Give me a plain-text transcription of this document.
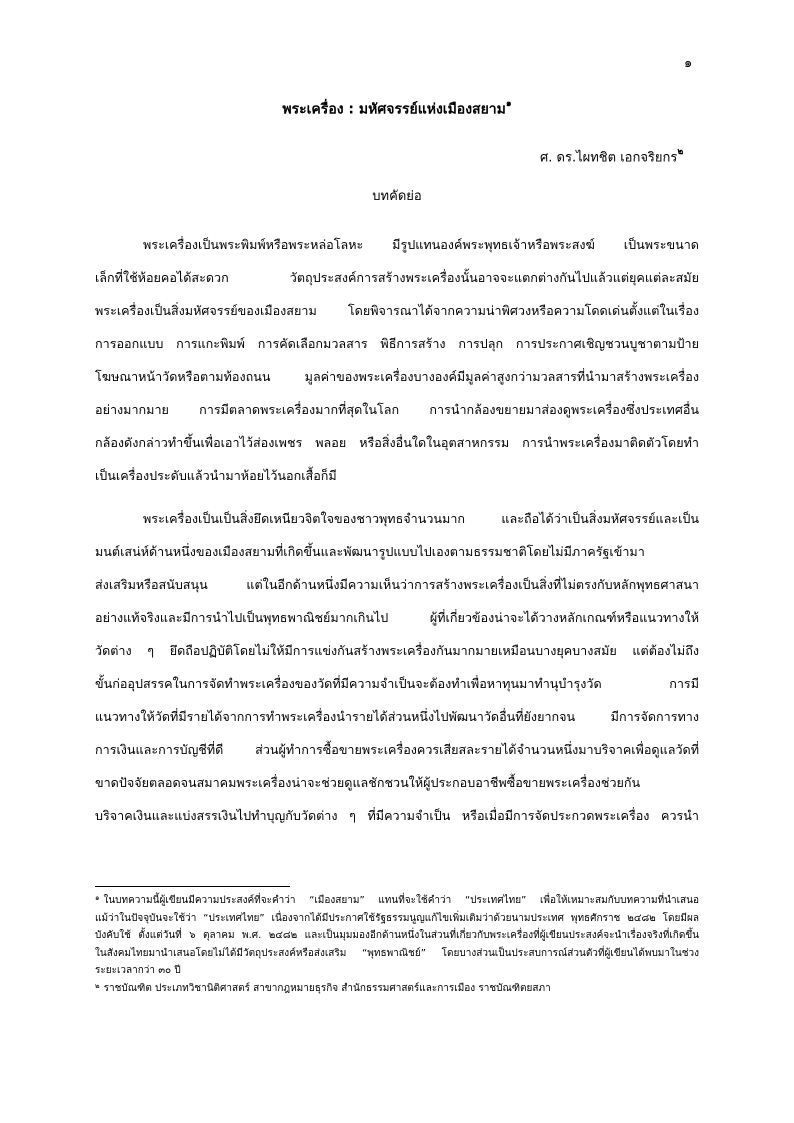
๑
พระเครื่อง : มหัศจรรย์แห่งเมืองสยาม$^๑$
ศ. ดร.ไผทชิต เอกจริยกร$^๒$
บทคัดย่อ
พระเครื่องเป็นพระพิมพ์หรือพระหล่อโลหะ มีรูปแทนองค์พระพุทธเจ้าหรือพระสงฆ์ เป็นพระขนาด
เล็กที่ใช้ห้อยคอได้สะดวก วัตถุประสงค์การสร้างพระเครื่องนั้นอาจจะแตกต่างกันไปแล้วแต่ยุคแต่ละสมัย
พระเครื่องเป็นสิ่งมหัศจรรย์ของเมืองสยาม โดยพิจารณาได้จากความน่าพิศวงหรือความโดดเด่นตั้งแต่ในเรื่อง
การออกแบบ การแกะพิมพ์ การคัดเลือกมวลสาร พิธีการสร้าง การปลุก การประกาศเชิญชวนบูชาตามป้าย
โฆษณาหน้าวัดหรือตามท้องถนน มูลค่าของพระเครื่องบางองค์มีมูลค่าสูงกว่ามวลสารที่นำมาสร้างพระเครื่อง
อย่างมากมาย การมีตลาดพระเครื่องมากที่สุดในโลก การนำกล้องขยายมาส่องดูพระเครื่องซึ่งประเทศอื่น
กล้องดังกล่าวทำขึ้นเพื่อเอาไว้ส่องเพชร พลอย หรือสิ่งอื่นใดในอุตสาหกรรม การนำพระเครื่องมาติดตัวโดยทำ
เป็นเครื่องประดับแล้วนำมาห้อยไว้นอกเสื้อก็มี
พระเครื่องเป็นเป็นสิ่งยึดเหนียวจิตใจของชาวพุทธจำนวนมาก และถือได้ว่าเป็นสิ่งมหัศจรรย์และเป็น
มนต์เสน่ห์ด้านหนึ่งของเมืองสยามที่เกิดขึ้นและพัฒนารูปแบบไปเองตามธรรมชาติโดยไม่มีภาครัฐเข้ามา
ส่งเสริมหรือสนับสนุน แต่ในอีกด้านหนึ่งมีความเห็นว่าการสร้างพระเครื่องเป็นสิ่งที่ไม่ตรงกับหลักพุทธศาสนา
อย่างแท้จริงและมีการนำไปเป็นพุทธพาณิชย์มากเกินไป ผู้ที่เกี่ยวข้องน่าจะได้วางหลักเกณฑ์หรือแนวทางให้
วัดต่าง ๆ ยึดถือปฏิบัติโดยไม่ให้มีการแข่งกันสร้างพระเครื่องกันมากมายเหมือนบางยุคบางสมัย แต่ต้องไม่ถึง
ขั้นก่ออุปสรรคในการจัดทำพระเครื่องของวัดที่มีความจำเป็นจะต้องทำเพื่อหาทุนมาทำนุบำรุงวัด การมี
แนวทางให้วัดที่มีรายได้จากการทำพระเครื่องนำรายได้ส่วนหนึ่งไปพัฒนาวัดอื่นที่ยังยากจน มีการจัดการทาง
การเงินและการบัญชีที่ดี ส่วนผู้ทำการซื้อขายพระเครื่องควรเสียสละรายได้จำนวนหนึ่งมาบริจาคเพื่อดูแลวัดที่
ขาดปัจจัยตลอดจนสมาคมพระเครื่องน่าจะช่วยดูแลชักชวนให้ผู้ประกอบอาชีพซื้อขายพระเครื่องช่วยกัน
บริจาคเงินและแบ่งสรรเงินไปทำบุญกับวัดต่าง ๆ ที่มีความจำเป็น หรือเมื่อมีการจัดประกวดพระเครื่อง ควรนำ
$^๑$ ในบทความนี้ผู้เขียนมีความประสงค์ที่จะคำว่า “เมืองสยาม” แทนที่จะใช้คำว่า “ประเทศไทย” เพื่อให้เหมาะสมกับบทความที่นำเสนอ
แม้ว่าในปัจจุบันจะใช้ว่า “ประเทศไทย” เนื่องจากได้มีประกาศใช้รัฐธรรมนูญแก้ไขเพิ่มเติมว่าด้วยนามประเทศ พุทธศักราช ๒๔๘๒ โดยมีผล
บังคับใช้ ตั้งแต่วันที่ ๖ ตุลาคม พ.ศ. ๒๔๘๒ และเป็นมุมมองอีกด้านหนึ่งในส่วนที่เกี่ยวกับพระเครื่องที่ผู้เขียนประสงค์จะนำเรื่องจริงที่เกิดขึ้น
ในสังคมไทยมานำเสนอโดยไม่ได้มีวัตถุประสงค์หรือส่งเสริม “พุทธพาณิชย์” โดยบางส่วนเป็นประสบการณ์ส่วนตัวที่ผู้เขียนได้พบมาในช่วง
ระยะเวลากว่า ๓๐ ปี
$^๒$ ราชบัณฑิต ประเภทวิชานิติศาสตร์ สาขากฎหมายธุรกิจ สำนักธรรมศาสตร์และการเมือง ราชบัณฑิตยสภา
